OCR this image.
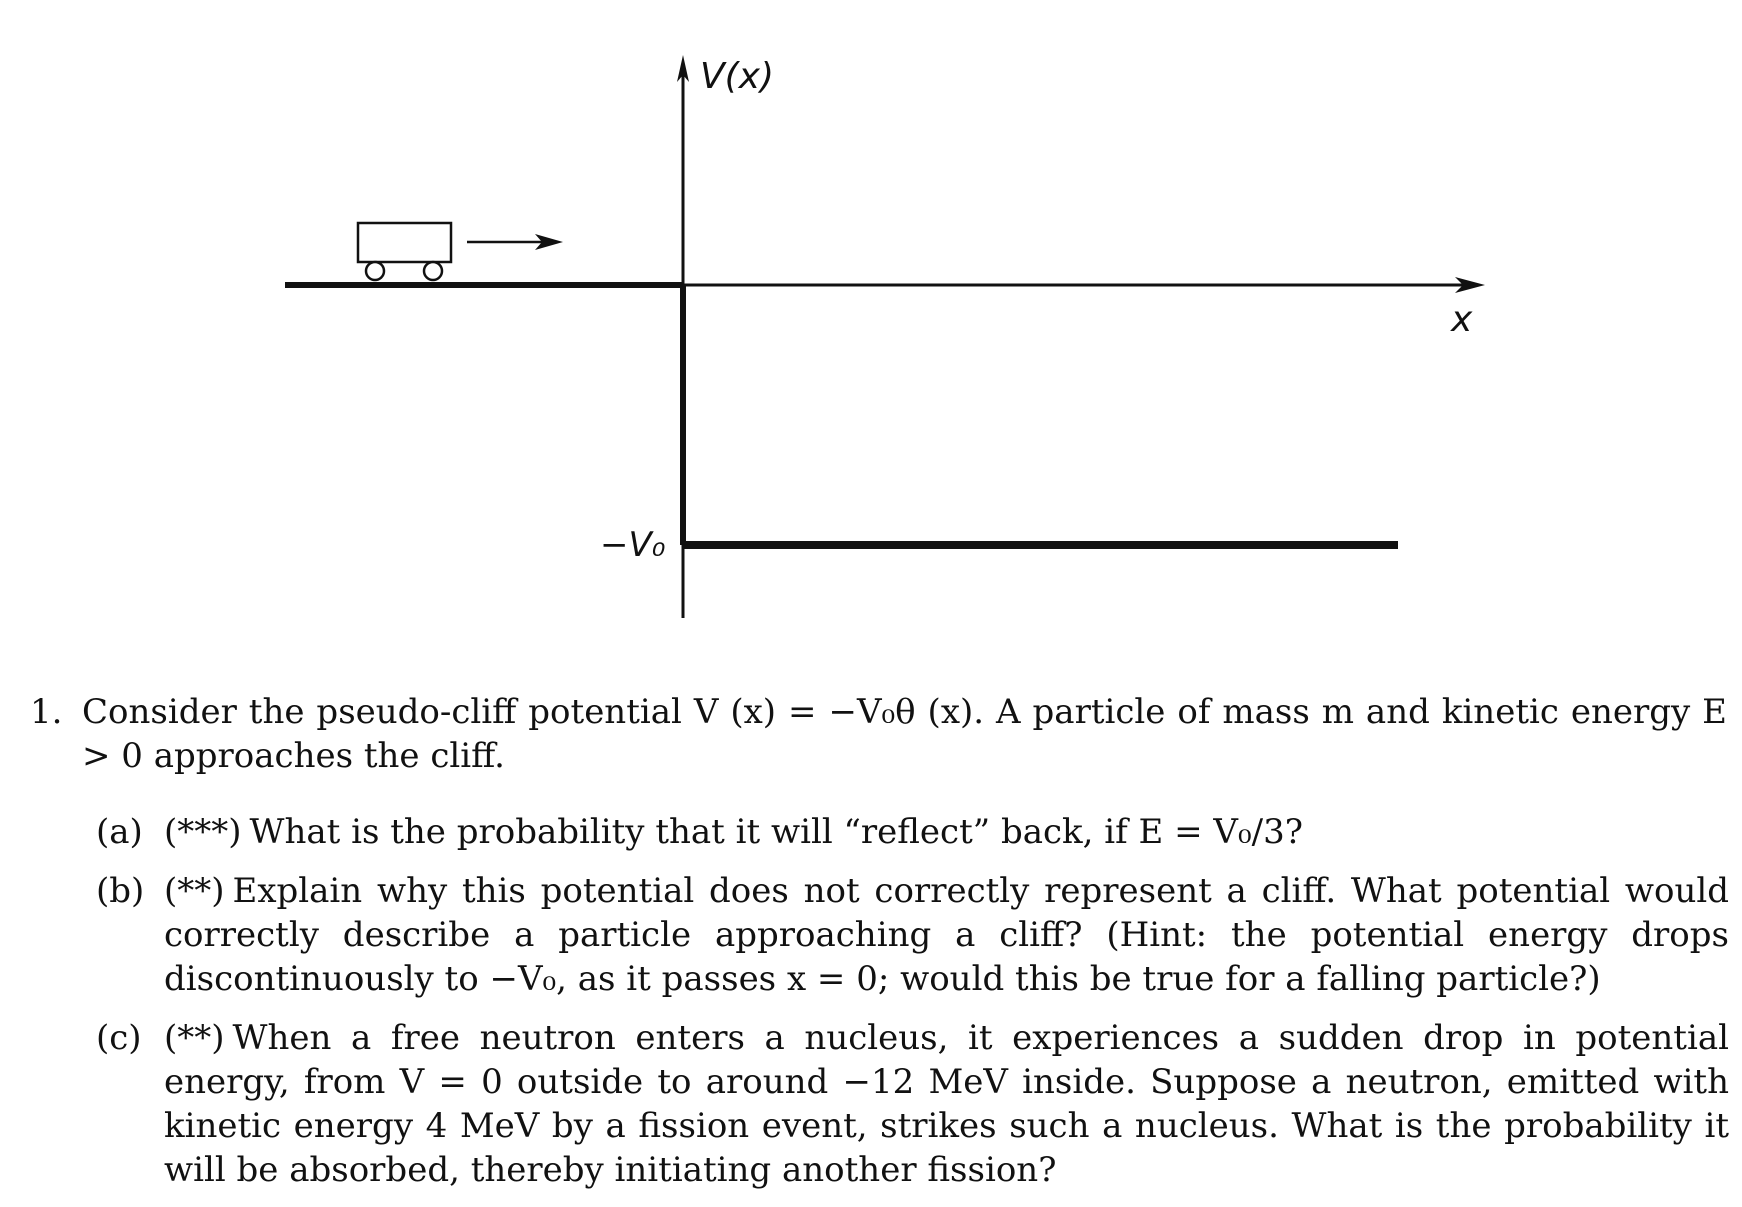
V(x)
x
−V₀
1. Consider the pseudo-cliff potential V (x) = −V₀θ (x). A particle of mass m and kinetic energy E > 0 approaches the cliff.
(a) (***) What is the probability that it will “reflect” back, if E = V₀/3?
(b) (**) Explain why this potential does not correctly represent a cliff. What potential would correctly describe a particle approaching a cliff? (Hint: the potential energy drops discontinuously to −V₀, as it passes x = 0; would this be true for a falling particle?)
(c) (**) When a free neutron enters a nucleus, it experiences a sudden drop in potential energy, from V = 0 outside to around −12 MeV inside. Suppose a neutron, emitted with kinetic energy 4 MeV by a fission event, strikes such a nucleus. What is the probability it will be absorbed, thereby initiating another fission?
